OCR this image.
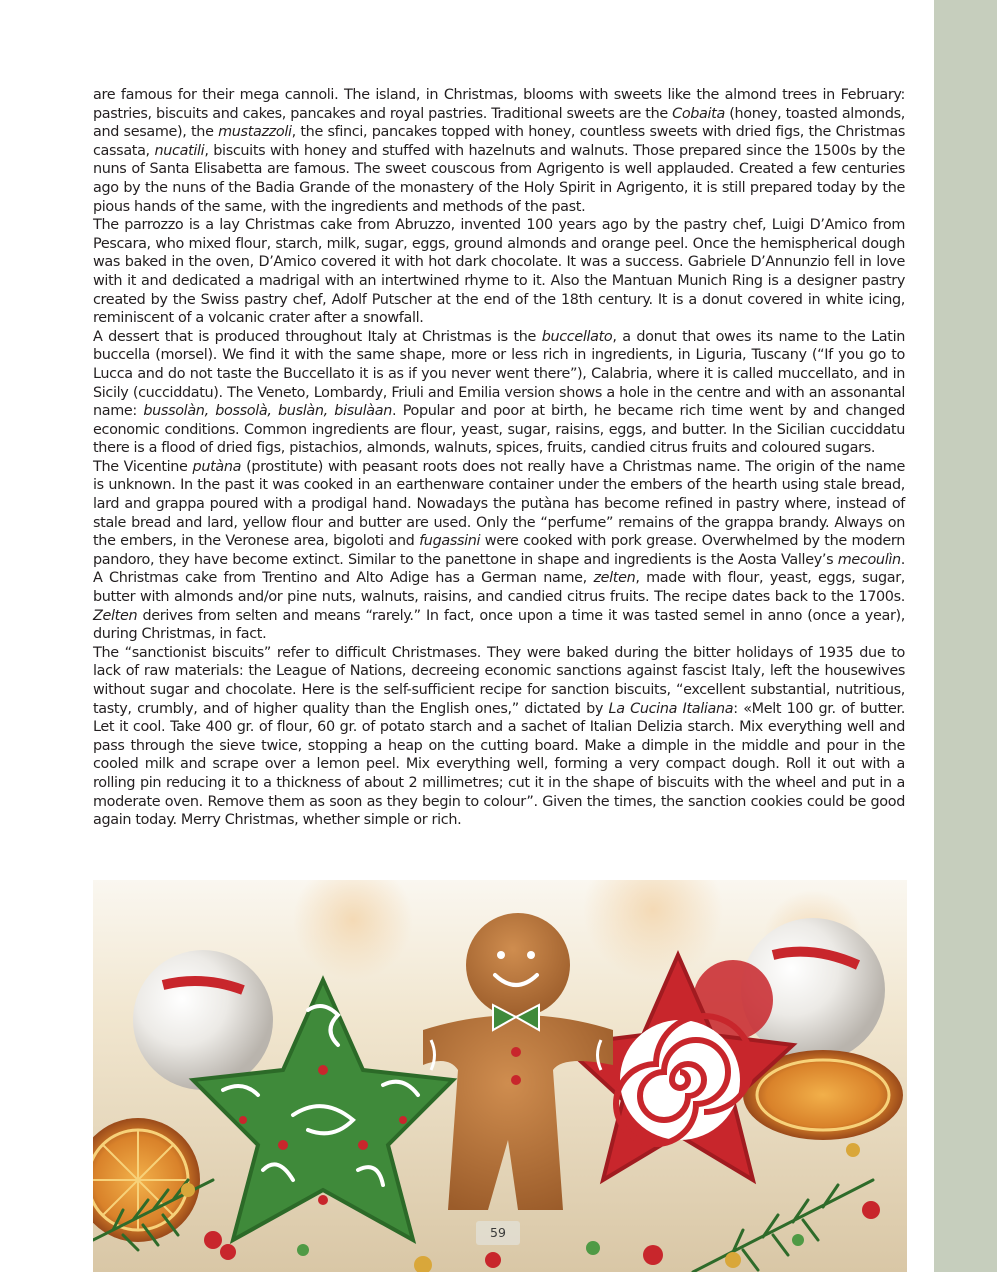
are famous for their mega cannoli. The island, in Christmas, blooms with sweets like the almond trees in February: pastries, biscuits and cakes, pancakes and royal pastries. Traditional sweets are the Cobaita (honey, toasted almonds, and sesame), the mustazzoli, the sfinci, pancakes topped with honey, countless sweets with dried figs, the Christmas cassata, nucatili, biscuits with honey and stuffed with hazelnuts and walnuts. Those prepared since the 1500s by the nuns of Santa Elisabetta are famous. The sweet couscous from Agrigento is well applauded. Created a few centuries ago by the nuns of the Badia Grande of the monastery of the Holy Spirit in Agrigento, it is still prepared today by the pious hands of the same, with the ingredients and methods of the past.

The parrozzo is a lay Christmas cake from Abruzzo, invented 100 years ago by the pastry chef, Luigi D’Amico from Pescara, who mixed flour, starch, milk, sugar, eggs, ground almonds and orange peel. Once the hemispherical dough was baked in the oven, D’Amico covered it with hot dark chocolate. It was a success. Gabriele D’Annunzio fell in love with it and dedicated a madrigal with an intertwined rhyme to it. Also the Mantuan Munich Ring is a designer pastry created by the Swiss pastry chef, Adolf Putscher at the end of the 18th century. It is a donut covered in white icing, reminiscent of a volcanic crater after a snowfall.

A dessert that is produced throughout Italy at Christmas is the buccellato, a donut that owes its name to the Latin buccella (morsel). We find it with the same shape, more or less rich in ingredients, in Liguria, Tuscany (“If you go to Lucca and do not taste the Buccellato it is as if you never went there”), Calabria, where it is called muccellato, and in Sicily (cucciddatu). The Veneto, Lombardy, Friuli and Emilia version shows a hole in the centre and with an assonantal name: bussolàn, bossolà, buslàn, bisulàan. Popular and poor at birth, he became rich time went by and changed economic conditions. Common ingredients are flour, yeast, sugar, raisins, eggs, and butter. In the Sicilian cucciddatu there is a flood of dried figs, pistachios, almonds, walnuts, spices, fruits, candied citrus fruits and coloured sugars.

The Vicentine putàna (prostitute) with peasant roots does not really have a Christmas name. The origin of the name is unknown. In the past it was cooked in an earthenware container under the embers of the hearth using stale bread, lard and grappa poured with a prodigal hand. Nowadays the putàna has become refined in pastry where, instead of stale bread and lard, yellow flour and butter are used. Only the “perfume” remains of the grappa brandy. Always on the embers, in the Veronese area, bigoloti and fugassini were cooked with pork grease. Overwhelmed by the modern pandoro, they have become extinct. Similar to the panettone in shape and ingredients is the Aosta Valley’s mecoulìn. A Christmas cake from Trentino and Alto Adige has a German name, zelten, made with flour, yeast, eggs, sugar, butter with almonds and/or pine nuts, walnuts, raisins, and candied citrus fruits. The recipe dates back to the 1700s. Zelten derives from selten and means “rarely.” In fact, once upon a time it was tasted semel in anno (once a year), during Christmas, in fact.

The “sanctionist biscuits” refer to difficult Christmases. They were baked during the bitter holidays of 1935 due to lack of raw materials: the League of Nations, decreeing economic sanctions against fascist Italy, left the housewives without sugar and chocolate. Here is the self-sufficient recipe for sanction biscuits, “excellent substantial, nutritious, tasty, crumbly, and of higher quality than the English ones,” dictated by La Cucina Italiana: «Melt 100 gr. of butter. Let it cool. Take 400 gr. of flour, 60 gr. of potato starch and a sachet of Italian Delizia starch. Mix everything well and pass through the sieve twice, stopping a heap on the cutting board. Make a dimple in the middle and pour in the cooled milk and scrape over a lemon peel. Mix everything well, forming a very compact dough. Roll it out with a rolling pin reducing it to a thickness of about 2 millimetres; cut it in the shape of biscuits with the wheel and put in a moderate oven. Remove them as soon as they begin to colour”. Given the times, the sanction cookies could be good again today. Merry Christmas, whether simple or rich.

59
